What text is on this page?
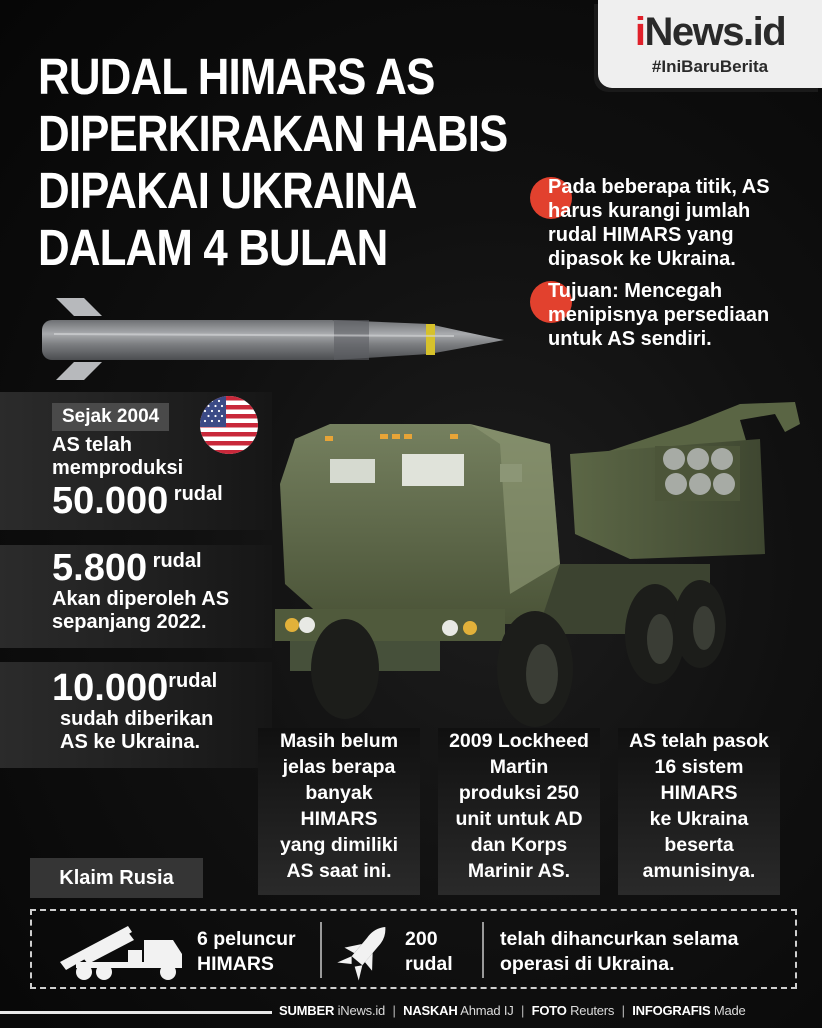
iNews.id
#IniBaruBerita
RUDAL HIMARS AS
DIPERKIRAKAN HABIS
DIPAKAI UKRAINA
DALAM 4 BULAN
Pada beberapa titik, AS
harus kurangi jumlah
rudal HIMARS yang
dipasok ke Ukraina.
Tujuan: Mencegah
menipisnya persediaan
untuk AS sendiri.
Sejak 2004
AS telah
memproduksi
50.000 rudal
5.800 rudal
Akan diperoleh AS
sepanjang 2022.
10.000rudal
sudah diberikan
AS ke Ukraina.	Masih belum
jelas berapa
banyak
HIMARS
yang dimiliki
AS saat ini.
2009 Lockheed
Martin
produksi 250
unit untuk AD
dan Korps
Marinir AS.
AS telah pasok
16 sistem
HIMARS
ke Ukraina
beserta
amunisinya.
Klaim Rusia
6 peluncur
HIMARS
200
rudal
telah dihancurkan selama
operasi di Ukraina.
SUMBER iNews.id | NASKAH Ahmad IJ | FOTO Reuters | INFOGRAFIS Made
